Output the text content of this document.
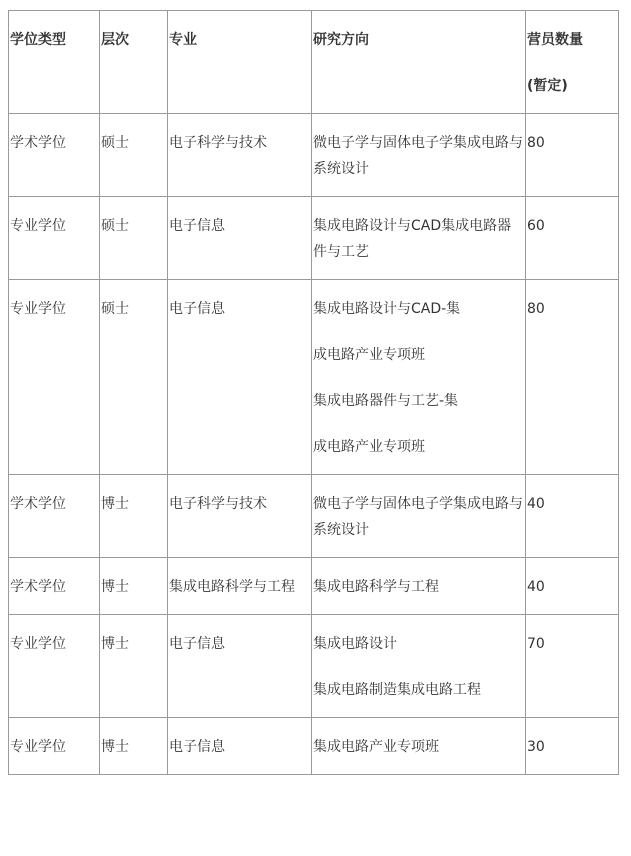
学位类型	层次	专业	研究方向	营员数量
(暂定)

学术学位	硕士	电子科学与技术	微电子学与固体电子学集成电路与系统设计	80
专业学位	硕士	电子信息	集成电路设计与CAD集成电路器件与工艺	60
专业学位	硕士	电子信息	集成电路设计与CAD-集

成电路产业专项班

集成电路器件与工艺-集

成电路产业专项班	80
学术学位	博士	电子科学与技术	微电子学与固体电子学集成电路与系统设计	40
学术学位	博士	集成电路科学与工程	集成电路科学与工程	40
专业学位	博士	电子信息	集成电路设计

集成电路制造集成电路工程	70
专业学位	博士	电子信息	集成电路产业专项班	30
